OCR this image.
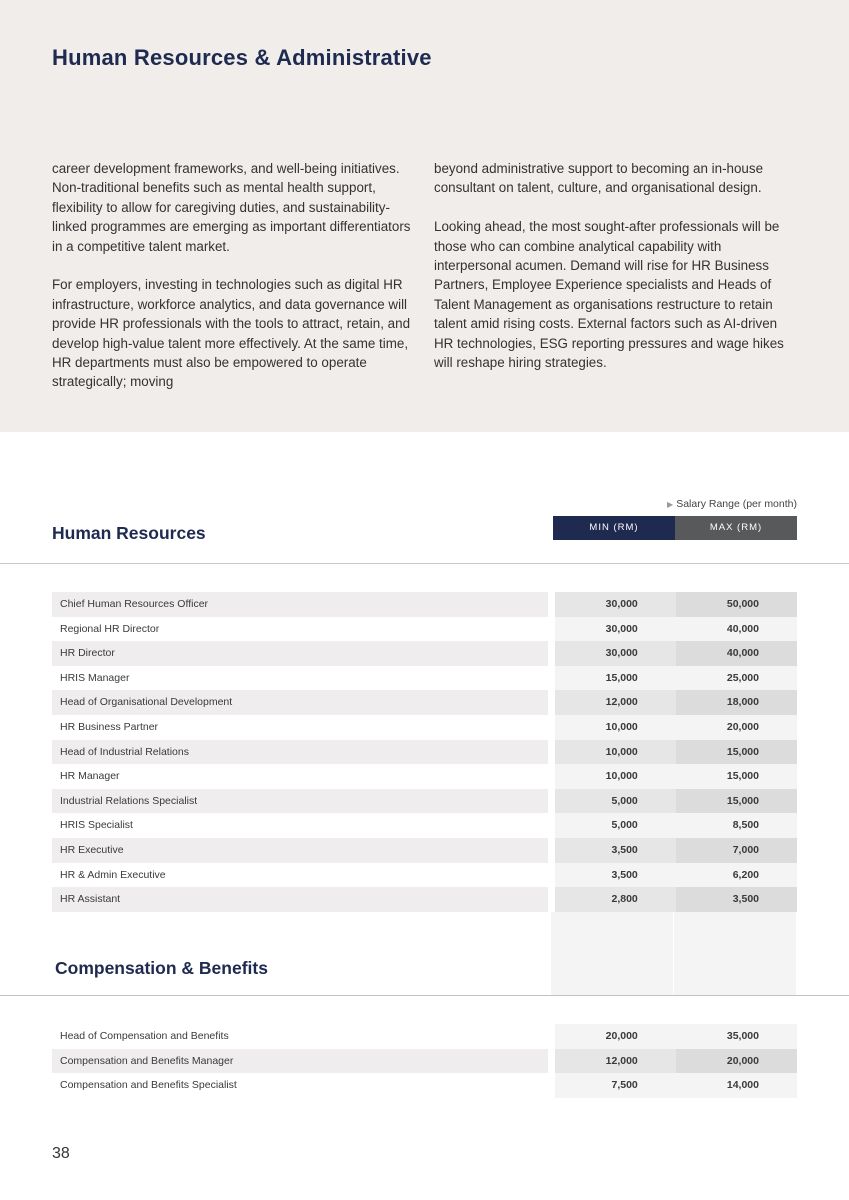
Human Resources & Administrative

career development frameworks, and well-being initiatives. Non-traditional benefits such as mental health support, flexibility to allow for caregiving duties, and sustainability-linked programmes are emerging as important differentiators in a competitive talent market.

For employers, investing in technologies such as digital HR infrastructure, workforce analytics, and data governance will provide HR professionals with the tools to attract, retain, and develop high-value talent more effectively. At the same time, HR departments must also be empowered to operate strategically; moving

beyond administrative support to becoming an in-house consultant on talent, culture, and organisational design.

Looking ahead, the most sought-after professionals will be those who can combine analytical capability with interpersonal acumen. Demand will rise for HR Business Partners, Employee Experience specialists and Heads of Talent Management as organisations restructure to retain talent amid rising costs. External factors such as AI-driven HR technologies, ESG reporting pressures and wage hikes will reshape hiring strategies.

▶ Salary Range (per month)
MIN (RM)	MAX (RM)
Human Resources
Chief Human Resources Officer	30,000	50,000
Regional HR Director	30,000	40,000
HR Director	30,000	40,000
HRIS Manager	15,000	25,000
Head of Organisational Development	12,000	18,000
HR Business Partner	10,000	20,000
Head of Industrial Relations	10,000	15,000
HR Manager	10,000	15,000
Industrial Relations Specialist	5,000	15,000
HRIS Specialist	5,000	8,500
HR Executive	3,500	7,000
HR & Admin Executive	3,500	6,200
HR Assistant	2,800	3,500
Compensation & Benefits
Head of Compensation and Benefits	20,000	35,000
Compensation and Benefits Manager	12,000	20,000
Compensation and Benefits Specialist	7,500	14,000
38
